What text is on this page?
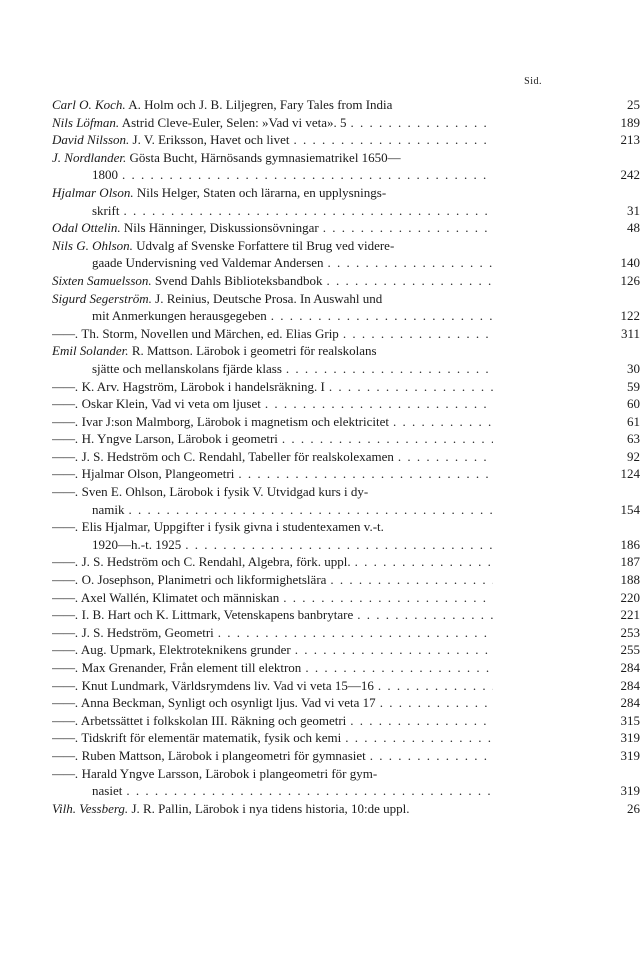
Sid.
Carl O. Koch. A. Holm och J. B. Liljegren, Fary Tales from India	25
Nils Löfman. Astrid Cleve-Euler, Selen: »Vad vi veta». 5 . . .	189
David Nilsson. J. V. Eriksson, Havet och livet . . .	213
J. Nordlander. Gösta Bucht, Härnösands gymnasiematrikel 1650—
1800 . . .	242
Hjalmar Olson. Nils Helger, Staten och lärarna, en upplysnings-
skrift . . .	31
Odal Ottelin. Nils Hänninger, Diskussionsövningar . . .	48
Nils G. Ohlson. Udvalg af Svenske Forfattere til Brug ved videre-
gaade Undervisning ved Valdemar Andersen . . .	140
Sixten Samuelsson. Svend Dahls Biblioteksbandbok . . .	126
Sigurd Segerström. J. Reinius, Deutsche Prosa. In Auswahl und
mit Anmerkungen herausgegeben . . .	122
——. Th. Storm, Novellen und Märchen, ed. Elias Grip . . .	311
Emil Solander. R. Mattson. Lärobok i geometri för realskolans
sjätte och mellanskolans fjärde klass . . .	30
——. K. Arv. Hagström, Lärobok i handelsräkning. I . . .	59
——. Oskar Klein, Vad vi veta om ljuset . . .	60
——. Ivar J:son Malmborg, Lärobok i magnetism och elektricitet . . .	61
——. H. Yngve Larson, Lärobok i geometri . . .	63
——. J. S. Hedström och C. Rendahl, Tabeller för realskolexamen . . .	92
——. Hjalmar Olson, Plangeometri . . .	124
——. Sven E. Ohlson, Lärobok i fysik V. Utvidgad kurs i dy-
namik . . .	154
——. Elis Hjalmar, Uppgifter i fysik givna i studentexamen v.-t.
1920—h.-t. 1925 . . .	186
——. J. S. Hedström och C. Rendahl, Algebra, förk. uppl. . . .	187
——. O. Josephson, Planimetri och likformighetslära . . .	188
——. Axel Wallén, Klimatet och människan . . .	220
——. I. B. Hart och K. Littmark, Vetenskapens banbrytare . . .	221
——. J. S. Hedström, Geometri . . .	253
——. Aug. Upmark, Elektroteknikens grunder . . .	255
——. Max Grenander, Från element till elektron . . .	284
——. Knut Lundmark, Världsrymdens liv. Vad vi veta 15—16 . . .	284
——. Anna Beckman, Synligt och osynligt ljus. Vad vi veta 17 . . .	284
——. Arbetssättet i folkskolan III. Räkning och geometri . . .	315
——. Tidskrift för elementär matematik, fysik och kemi . . .	319
——. Ruben Mattson, Lärobok i plangeometri för gymnasiet . . .	319
——. Harald Yngve Larsson, Lärobok i plangeometri för gym-
nasiet . . .	319
Vilh. Vessberg. J. R. Pallin, Lärobok i nya tidens historia, 10:de uppl.	26
